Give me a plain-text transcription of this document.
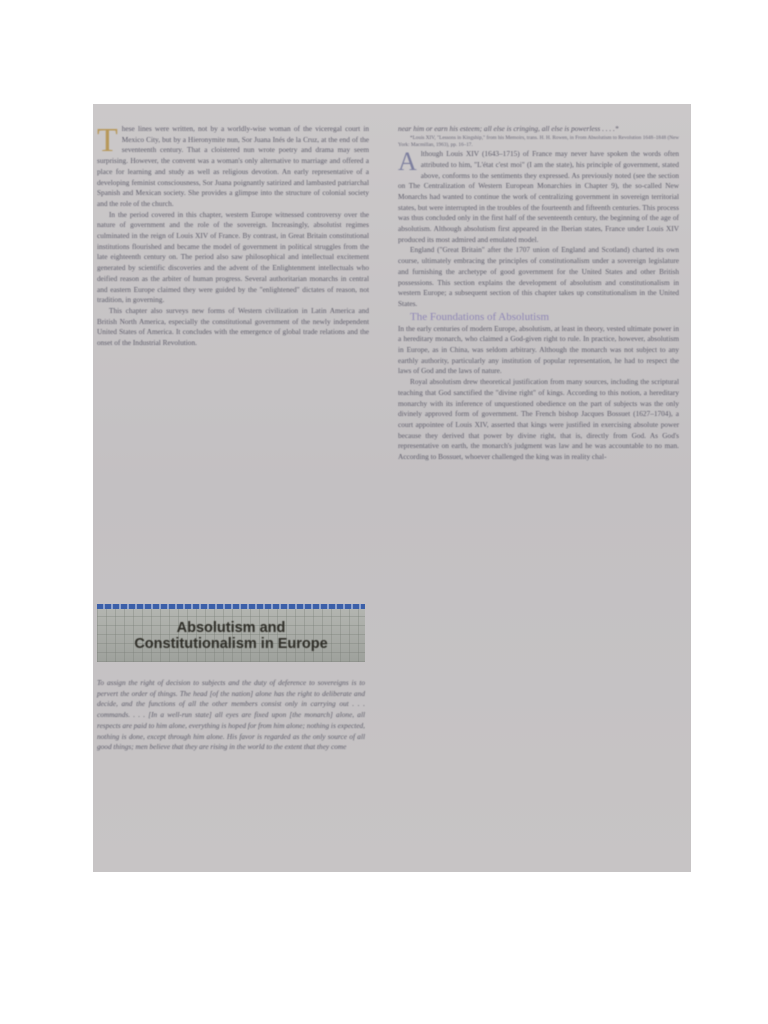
These lines were written, not by a worldly-wise woman of the viceregal court in Mexico City, but by a Hieronymite nun, Sor Juana Inés de la Cruz, at the end of the seventeenth century. That a cloistered nun wrote poetry and drama may seem surprising. However, the convent was a woman's only alternative to marriage and offered a place for learning and study as well as religious devotion. An early representative of a developing feminist consciousness, Sor Juana poignantly satirized and lambasted patriarchal Spanish and Mexican society. She provides a glimpse into the structure of colonial society and the role of the church.

In the period covered in this chapter, western Europe witnessed controversy over the nature of government and the role of the sovereign. Increasingly, absolutist regimes culminated in the reign of Louis XIV of France. By contrast, in Great Britain constitutional institutions flourished and became the model of government in political struggles from the late eighteenth century on. The period also saw philosophical and intellectual excitement generated by scientific discoveries and the advent of the Enlightenment intellectuals who deified reason as the arbiter of human progress. Several authoritarian monarchs in central and eastern Europe claimed they were guided by the "enlightened" dictates of reason, not tradition, in governing.

This chapter also surveys new forms of Western civilization in Latin America and British North America, especially the constitutional government of the newly independent United States of America. It concludes with the emergence of global trade relations and the onset of the Industrial Revolution.

Absolutism and
Constitutionalism in Europe
To assign the right of decision to subjects and the duty of deference to sovereigns is to pervert the order of things. The head [of the nation] alone has the right to deliberate and decide, and the functions of all the other members consist only in carrying out . . . commands. . . . [In a well-run state] all eyes are fixed upon [the monarch] alone, all respects are paid to him alone, everything is hoped for from him alone; nothing is expected, nothing is done, except through him alone. His favor is regarded as the only source of all good things; men believe that they are rising in the world to the extent that they come

near him or earn his esteem; all else is cringing, all else is powerless . . . .*

*Louis XIV, "Lessons in Kingship," from his Memoirs, trans. H. H. Rowen, in From Absolutism to Revolution 1648–1848 (New York: Macmillan, 1963), pp. 16–17.

Although Louis XIV (1643–1715) of France may never have spoken the words often attributed to him, "L'état c'est moi" (I am the state), his principle of government, stated above, conforms to the sentiments they expressed. As previously noted (see the section on The Centralization of Western European Monarchies in Chapter 9), the so-called New Monarchs had wanted to continue the work of centralizing government in sovereign territorial states, but were interrupted in the troubles of the fourteenth and fifteenth centuries. This process was thus concluded only in the first half of the seventeenth century, the beginning of the age of absolutism. Although absolutism first appeared in the Iberian states, France under Louis XIV produced its most admired and emulated model.

England ("Great Britain" after the 1707 union of England and Scotland) charted its own course, ultimately embracing the principles of constitutionalism under a sovereign legislature and furnishing the archetype of good government for the United States and other British possessions. This section explains the development of absolutism and constitutionalism in western Europe; a subsequent section of this chapter takes up constitutionalism in the United States.

The Foundations of Absolutism

In the early centuries of modern Europe, absolutism, at least in theory, vested ultimate power in a hereditary monarch, who claimed a God-given right to rule. In practice, however, absolutism in Europe, as in China, was seldom arbitrary. Although the monarch was not subject to any earthly authority, particularly any institution of popular representation, he had to respect the laws of God and the laws of nature.

Royal absolutism drew theoretical justification from many sources, including the scriptural teaching that God sanctified the "divine right" of kings. According to this notion, a hereditary monarchy with its inference of unquestioned obedience on the part of subjects was the only divinely approved form of government. The French bishop Jacques Bossuet (1627–1704), a court appointee of Louis XIV, asserted that kings were justified in exercising absolute power because they derived that power by divine right, that is, directly from God. As God's representative on earth, the monarch's judgment was law and he was accountable to no man. According to Bossuet, whoever challenged the king was in reality chal-
